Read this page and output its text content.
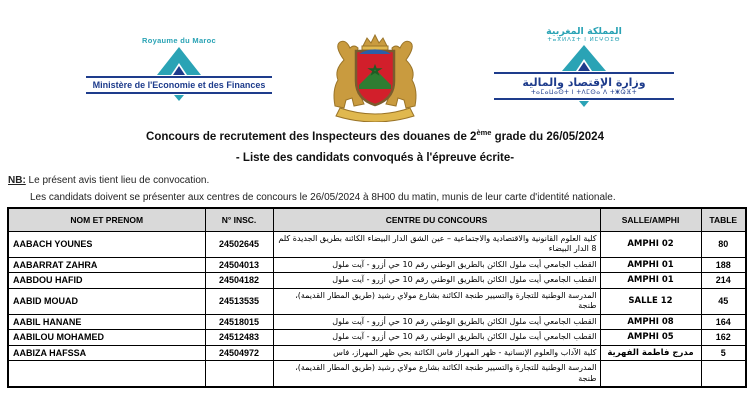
Royaume du Maroc
Ministère de l'Economie et des Finances
المملكة المغربية
ⵜⴰⴳⵍⴷⵉⵜ ⵏ ⵍⵎⵖⵔⵉⴱ
وزارة الإقتصاد والمالية
ⵜⴰⵎⴰⵡⴰⵙⵜ ⵏ ⵜⴷⵎⵙⴰ ⴷ ⵜⵥⵕⴼⵜ
Concours de recrutement des Inspecteurs des douanes de 2ème grade du 26/05/2024
- Liste des candidats convoqués à l'épreuve écrite-
NB: Le présent avis tient lieu de convocation.
Les candidats doivent se présenter aux centres de concours le 26/05/2024 à 8H00 du matin, munis de leur carte d'identité nationale.
NOM ET PRENOM	N° INSC.	CENTRE DU CONCOURS	SALLE/AMPHI	TABLE
AABACH YOUNES	24502645	كلية العلوم القانونية والاقتصادية والاجتماعية – عين الشق الدار البيضاء الكائنة بطريق الجديدة كلم 8 الدار البيضاء	AMPHI 02	80
AABARRAT ZAHRA	24504013	القطب الجامعي أيت ملول الكائن بالطريق الوطني رقم 10 حي أزرو - آيت ملول	AMPHI 01	188
AABDOU HAFID	24504182	القطب الجامعي أيت ملول الكائن بالطريق الوطني رقم 10 حي أزرو - آيت ملول	AMPHI 01	214
AABID MOUAD	24513535	المدرسة الوطنية للتجارة والتسيير طنجة الكائنة بشارع مولاي رشيد (طريق المطار القديمة)، طنجة	SALLE 12	45
AABIL HANANE	24518015	القطب الجامعي أيت ملول الكائن بالطريق الوطني رقم 10 حي أزرو - آيت ملول	AMPHI 08	164
AABILOU MOHAMED	24512483	القطب الجامعي أيت ملول الكائن بالطريق الوطني رقم 10 حي أزرو - آيت ملول	AMPHI 05	162
AABIZA HAFSSA	24504972	كلية الآداب والعلوم الإنسانية - ظهر المهراز فاس الكائنة بحي ظهر المهراز، فاس	مدرج فاطمة الفهرية	5
		المدرسة الوطنية للتجارة والتسيير طنجة الكائنة بشارع مولاي رشيد (طريق المطار القديمة)، طنجة		
